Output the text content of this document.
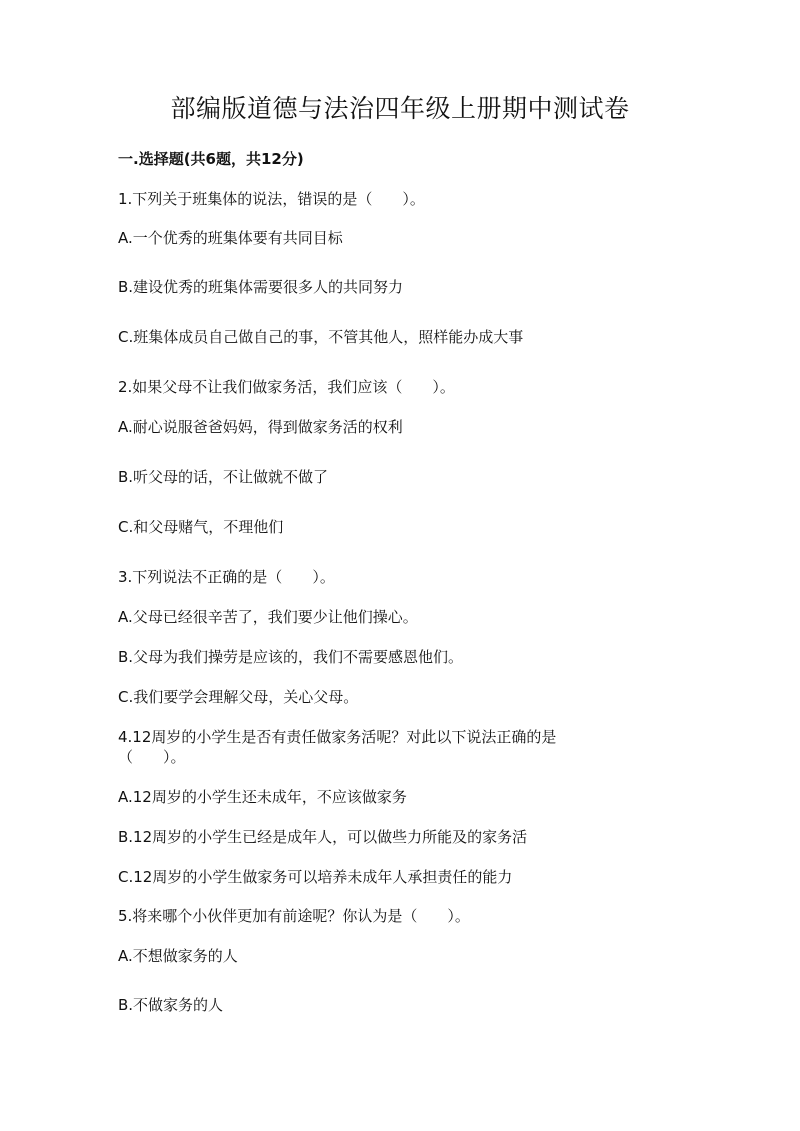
部编版道德与法治四年级上册期中测试卷
一.选择题(共6题，共12分)
1.下列关于班集体的说法，错误的是（　　）。
A.一个优秀的班集体要有共同目标
B.建设优秀的班集体需要很多人的共同努力
C.班集体成员自己做自己的事，不管其他人，照样能办成大事
2.如果父母不让我们做家务活，我们应该（　　）。
A.耐心说服爸爸妈妈，得到做家务活的权利
B.听父母的话，不让做就不做了
C.和父母赌气，不理他们
3.下列说法不正确的是（　　）。
A.父母已经很辛苦了，我们要少让他们操心。
B.父母为我们操劳是应该的，我们不需要感恩他们。
C.我们要学会理解父母，关心父母。
4.12周岁的小学生是否有责任做家务活呢？对此以下说法正确的是
（　　）。
A.12周岁的小学生还未成年，不应该做家务
B.12周岁的小学生已经是成年人，可以做些力所能及的家务活
C.12周岁的小学生做家务可以培养未成年人承担责任的能力
5.将来哪个小伙伴更加有前途呢？你认为是（　　）。
A.不想做家务的人
B.不做家务的人
